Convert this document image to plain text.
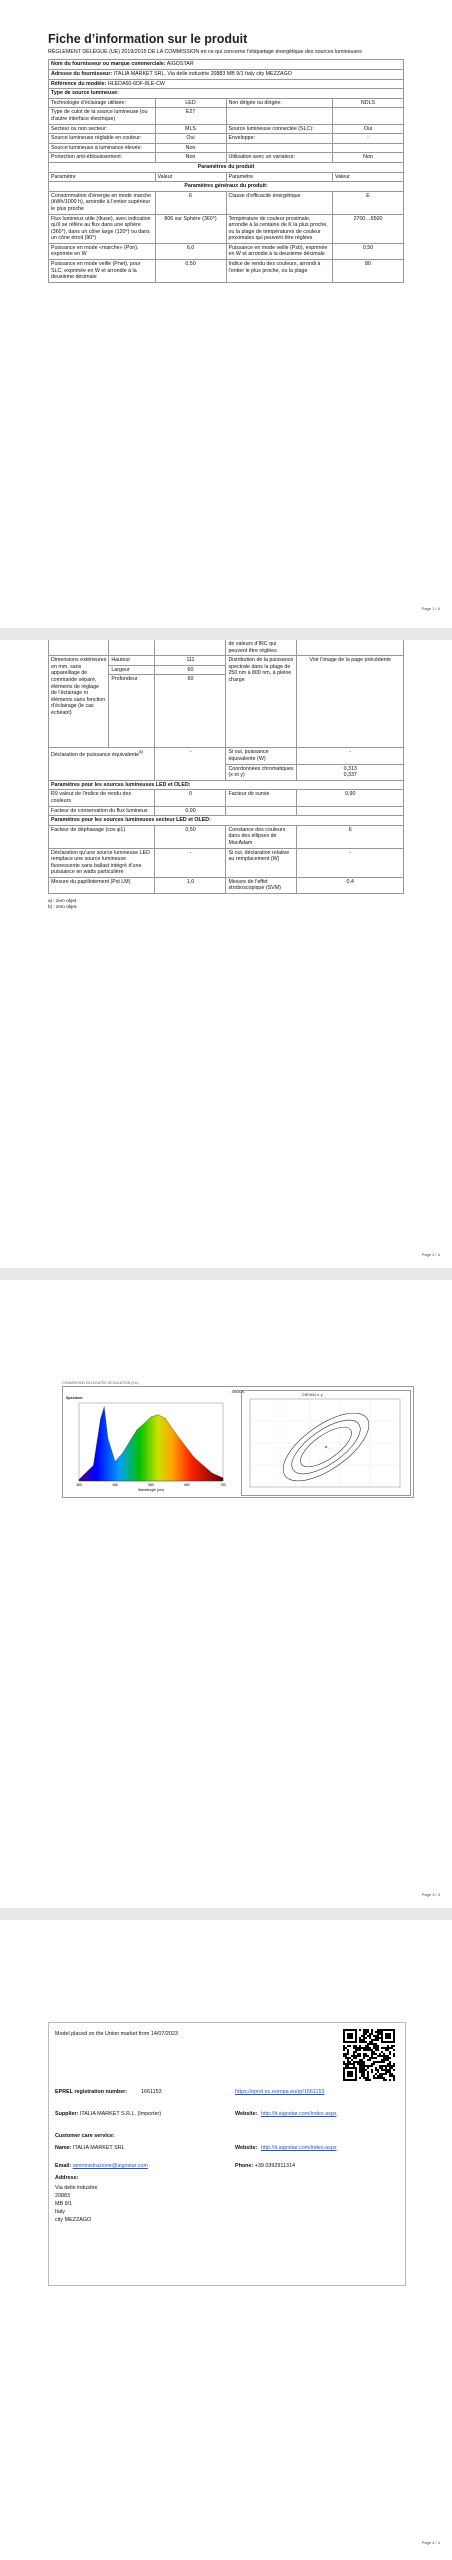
Fiche d’information sur le produit
RÈGLEMENT DÉLÉGUÉ (UE) 2019/2015 DE LA COMMISSION en ce qui concerne l’étiquetage énergétique des sources lumineuses
Nom du fournisseur ou marque commerciale: AIGOSTAR			
Adresse du fournisseur: ITALIA MARKET SRL, Via delle industrie 20883 MB 9/1 Italy city MEZZAGO			
Référence du modèle: HLEDA60-6DF-8LE-CW			
Type de source lumineuse:			
Technologie d’éclairage utilisée:	LED	Non dirigée ou dirigée:	NDLS
Type de culot de la source lumineuse (ou d’autre interface électrique)	E27		
Secteur ou non secteur:	MLS	Source lumineuse connectée (SLC):	Oui
Source lumineuse réglable en couleur:	Oui	Enveloppe:	-
Source lumineuse à luminance élevée:	Non		
Protection anti-éblouissement:	Non	Utilisation avec un variateur:	Non
Paramètres du produit			
Paramètre	Valeur	Paramètre	Valeur
Paramètres généraux du produit:			
Consommation d’énergie en mode marche (kWh/1000 h), arrondie à l’entier supérieur le plus proche	6	Classe d’efficacité énergétique	E
Flux lumineux utile (Φuse), avec indication qu’il se réfère au flux dans une sphère (360°), dans un cône large (120°) ou dans un cône étroit (90°)	806 sur Sphère (360°)	Température de couleur proximale, arrondie à la centaine de K la plus proche, ou la plage de températures de couleur proximales qui peuvent être réglées	2700…6500
Puissance en mode «marche» (Pon), exprimée en W	6,0	Puissance en mode veille (Psb), exprimée en W et arrondie à la deuxième décimale	0,50
Puissance en mode veille (Pnet), pour SLC, exprimée en W et arrondie à la deuxième décimale	0,50	Indice de rendu des couleurs, arrondi à l’entier le plus proche, ou la plage	80
Page 1 / 4
			de valeurs d’IRC qui peuvent être réglées	
Dimensions extérieures en mm, sans appareillage de commande séparé, éléments de réglage de l’éclairage ni éléments sans fonction d’éclairage (le cas échéant)	Hauteur	111	Distribution de la puissance spectrale dans la plage de 250 nm à 800 nm, à pleine charge	Voir l’image de la page précédente
	Largeur	60		
	Profondeur	60		
Déclaration de puissance équivalente$^{a)}$		-	Si oui, puissance équivalente (W)	-
			Coordonnées chromatiques (x et y)	0,313
0,337

Paramètres pour les sources lumineuses LED et OLED:				
R9 valeur de l’indice de rendu des couleurs		0	Facteur de survie	0,90
Facteur de conservation du flux lumineux		0,90		
Paramètres pour les sources lumineuses secteur LED et OLED:				
Facteur de déphasage (cos φ1)		0,50	Constance des couleurs dans des ellipses de MacAdam	6
Déclaration qu’une source lumineuse LED remplace une source lumineuse fluorescente sans ballast intégré d’une puissance en watts particulière		-	Si oui, déclaration relative au remplacement (W)	-
Mesure du papillotement (Pst LM)		1,0	Mesure de l’effet stroboscopique (SVM)	0,4
a) : zero objet.
b) : zero objet.
Page 2 / 4
COMMISSION DELEGATED REGULATION (EU)
4000K
Spectrum
380	480	580	680	780
Wavelength (nm)
CIE1931 x, y
Page 3 / 4
Model placed on the Union market from 14/07/2023
EPREL registration number:	1661153	https://eprel.ec.europa.eu/qr/1661153
Supplier: ITALIA MARKET S.R.L. (Importer)	Website: http://it.aigostar.com/index.aspx
Customer care service:
Name: ITALIA MARKET SRL	Website: http://it.aigostar.com/index.aspx
Email: amministrazione@aigostar.com	Phone: +39 0392911314
Address:
Via delle industrie
20883
MB 9/1
Italy
city MEZZAGO
Page 4 / 4
